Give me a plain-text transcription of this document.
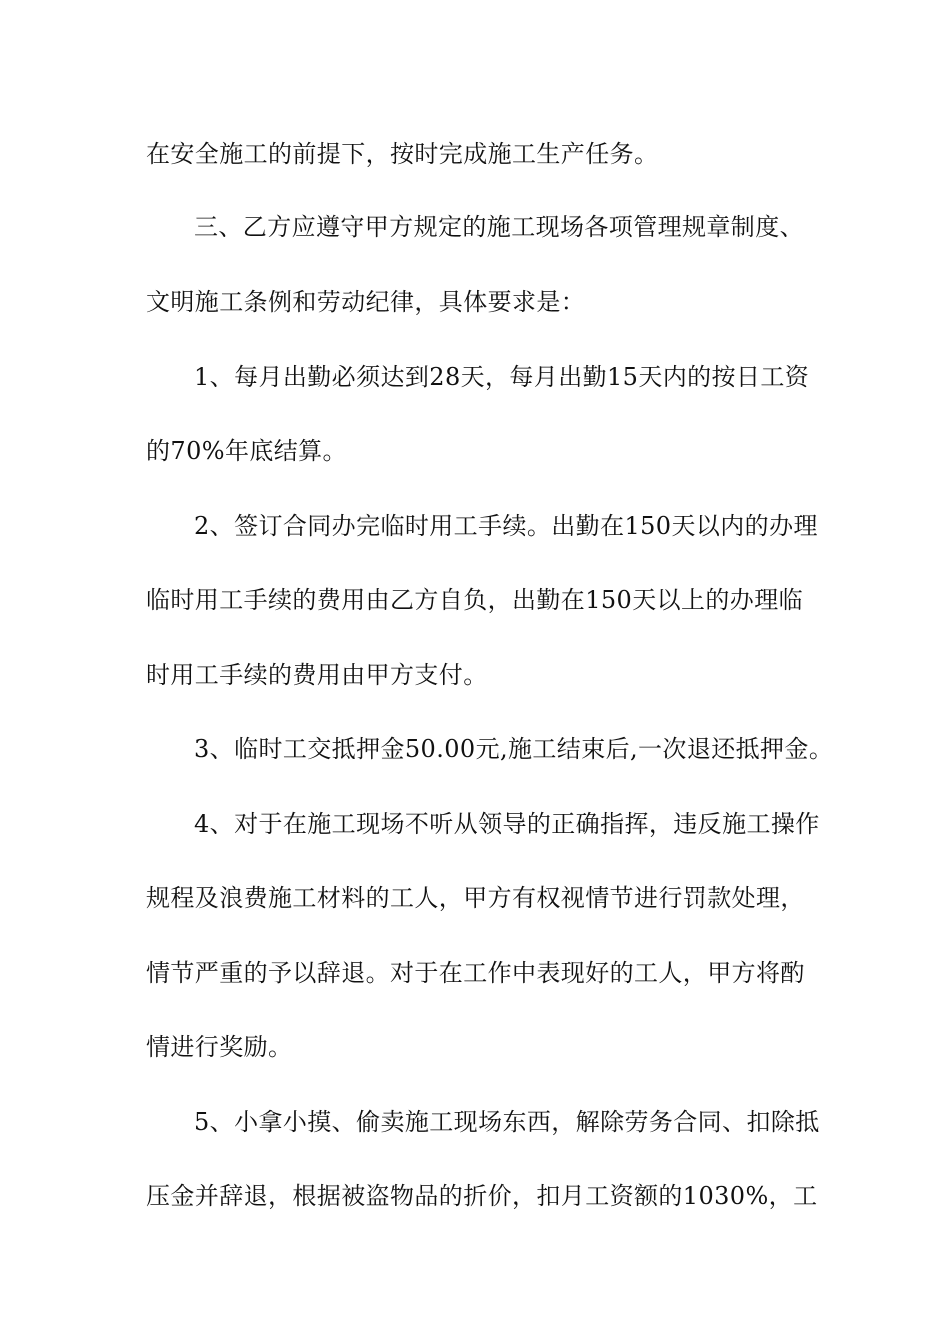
在安全施工的前提下，按时完成施工生产任务。
三、乙方应遵守甲方规定的施工现场各项管理规章制度、
文明施工条例和劳动纪律，具体要求是：
1、每月出勤必须达到28天，每月出勤15天内的按日工资
的70%年底结算。
2、签订合同办完临时用工手续。出勤在150天以内的办理
临时用工手续的费用由乙方自负，出勤在150天以上的办理临
时用工手续的费用由甲方支付。
3、临时工交抵押金50.00元,施工结束后,一次退还抵押金。
4、对于在施工现场不听从领导的正确指挥，违反施工操作
规程及浪费施工材料的工人，甲方有权视情节进行罚款处理，
情节严重的予以辞退。对于在工作中表现好的工人，甲方将酌
情进行奖励。
5、小拿小摸、偷卖施工现场东西，解除劳务合同、扣除抵
压金并辞退，根据被盗物品的折价，扣月工资额的1030%，工
